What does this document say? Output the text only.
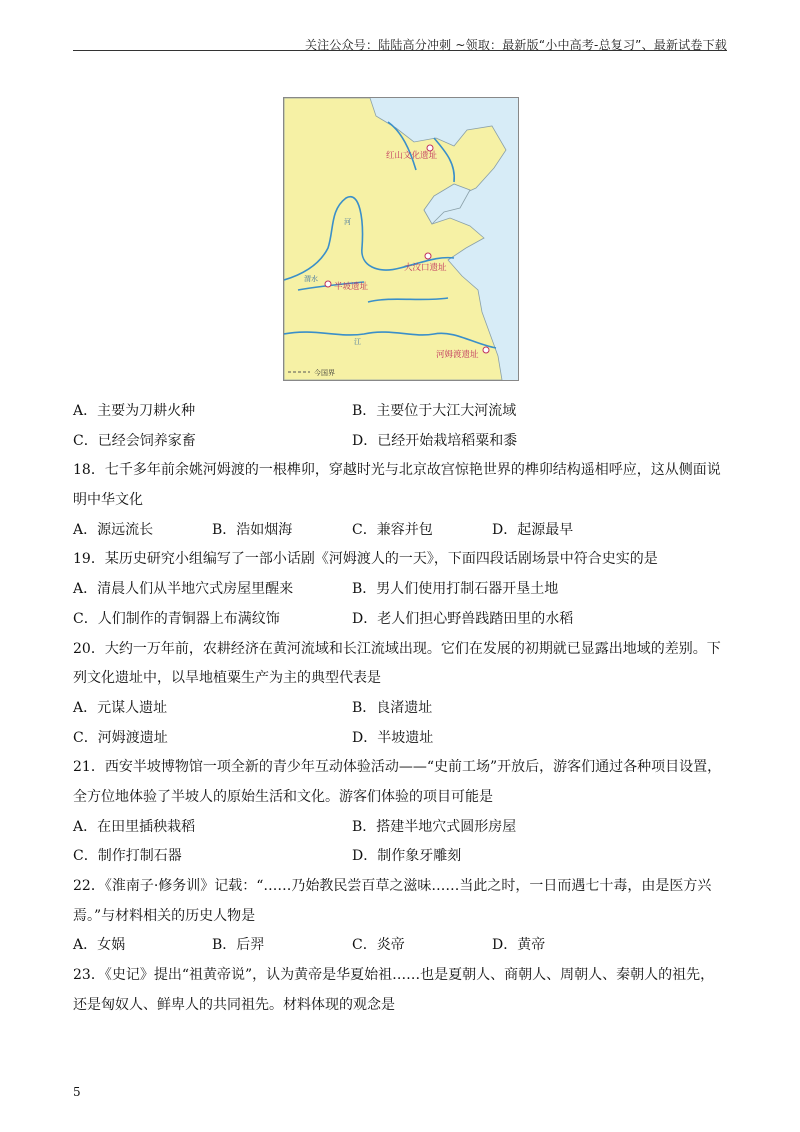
关注公众号：陆陆高分冲刺 ~领取：最新版“小中高考-总复习”、最新试卷下载
红山文化遗址
大汶口遗址
半坡遗址
河姆渡遗址
河
渭水
江
今国界
A．主要为刀耕火种	B．主要位于大江大河流域
C．已经会饲养家畜	D．已经开始栽培稻粟和黍
18．七千多年前余姚河姆渡的一根榫卯，穿越时光与北京故宫惊艳世界的榫卯结构遥相呼应，这从侧面说
明中华文化
A．源远流长	B．浩如烟海	C．兼容并包	D．起源最早
19．某历史研究小组编写了一部小话剧《河姆渡人的一天》，下面四段话剧场景中符合史实的是
A．清晨人们从半地穴式房屋里醒来	B．男人们使用打制石器开垦土地
C．人们制作的青铜器上布满纹饰	D．老人们担心野兽践踏田里的水稻
20．大约一万年前，农耕经济在黄河流域和长江流域出现。它们在发展的初期就已显露出地域的差别。下
列文化遗址中，以旱地植粟生产为主的典型代表是
A．元谋人遗址	B．良渚遗址
C．河姆渡遗址	D．半坡遗址
21．西安半坡博物馆一项全新的青少年互动体验活动——“史前工场”开放后，游客们通过各种项目设置，
全方位地体验了半坡人的原始生活和文化。游客们体验的项目可能是
A．在田里插秧栽稻	B．搭建半地穴式圆形房屋
C．制作打制石器	D．制作象牙雕刻
22．《淮南子·修务训》记载：“……乃始教民尝百草之滋味……当此之时，一日而遇七十毒，由是医方兴
焉。”与材料相关的历史人物是
A．女娲	B．后羿	C．炎帝	D．黄帝
23．《史记》提出“祖黄帝说”，认为黄帝是华夏始祖……也是夏朝人、商朝人、周朝人、秦朝人的祖先，
还是匈奴人、鲜卑人的共同祖先。材料体现的观念是
5
